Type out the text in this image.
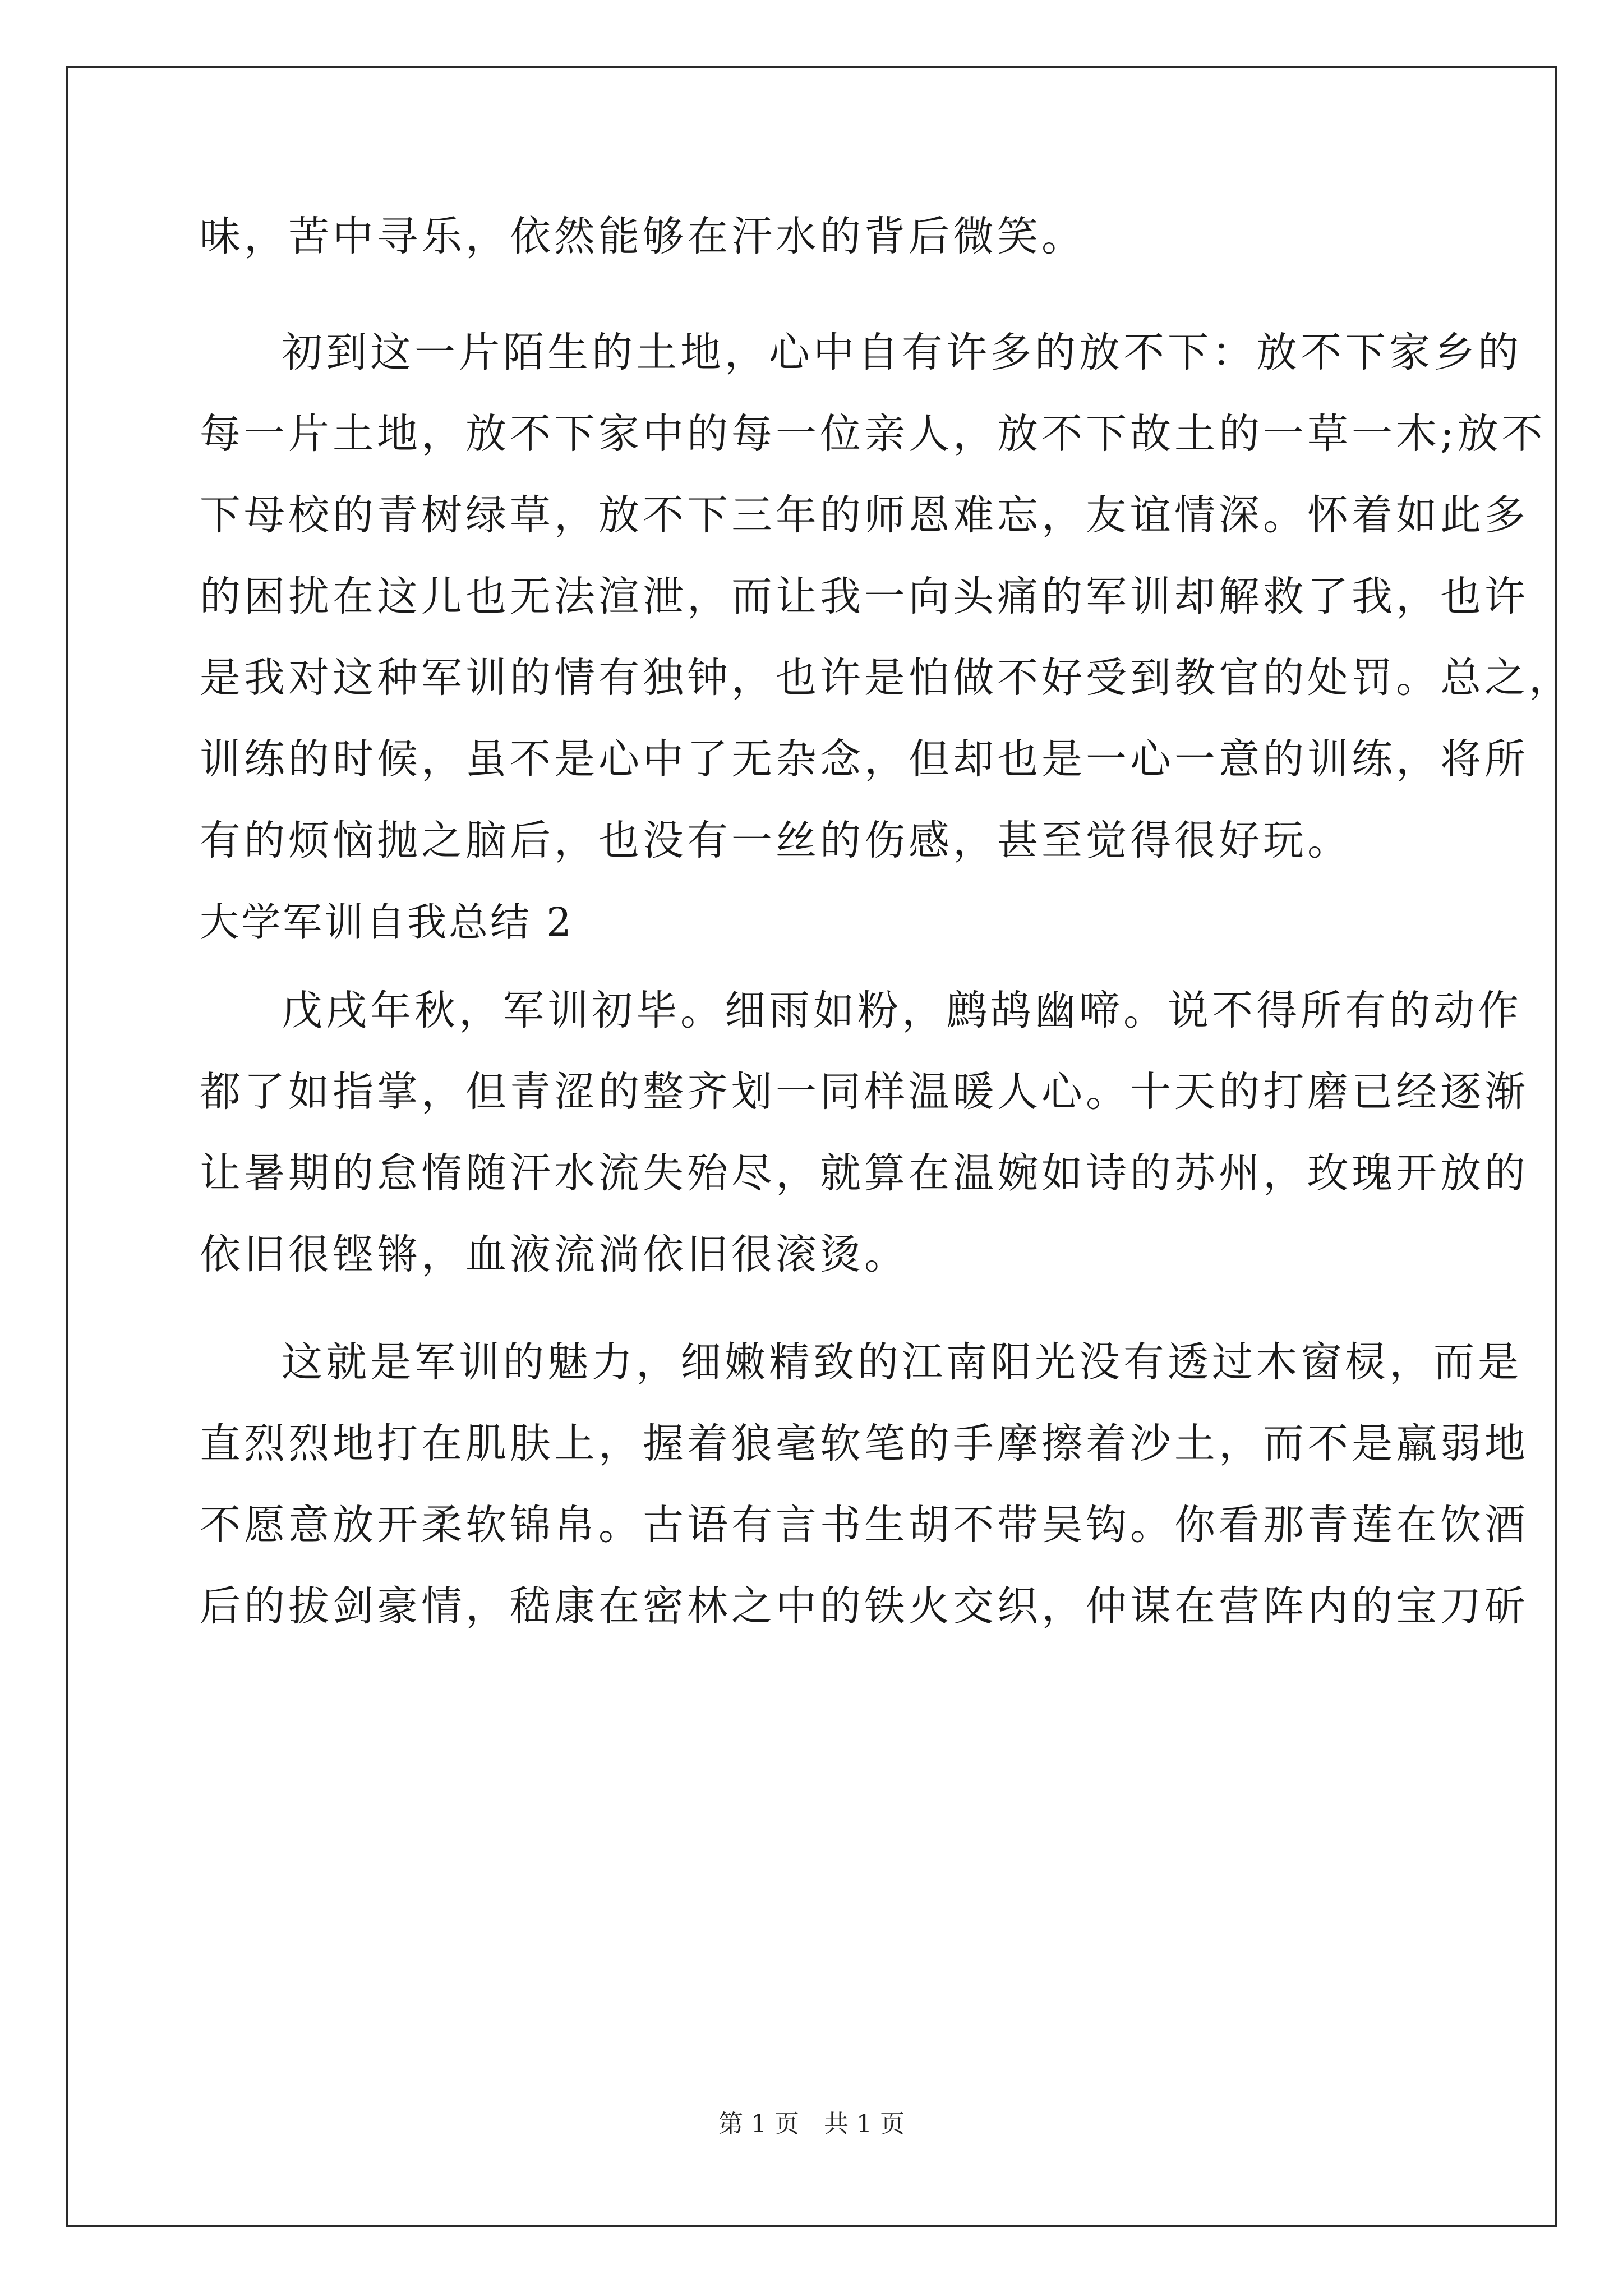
味，苦中寻乐，依然能够在汗水的背后微笑。
初到这一片陌生的土地，心中自有许多的放不下：放不下家乡的
每一片土地，放不下家中的每一位亲人，放不下故土的一草一木;放不
下母校的青树绿草，放不下三年的师恩难忘，友谊情深。怀着如此多
的困扰在这儿也无法渲泄，而让我一向头痛的军训却解救了我，也许
是我对这种军训的情有独钟，也许是怕做不好受到教官的处罚。总之，
训练的时候，虽不是心中了无杂念，但却也是一心一意的训练，将所
有的烦恼抛之脑后，也没有一丝的伤感，甚至觉得很好玩。
大学军训自我总结 2
戊戌年秋，军训初毕。细雨如粉，鹧鸪幽啼。说不得所有的动作
都了如指掌，但青涩的整齐划一同样温暖人心。十天的打磨已经逐渐
让暑期的怠惰随汗水流失殆尽，就算在温婉如诗的苏州，玫瑰开放的
依旧很铿锵，血液流淌依旧很滚烫。
这就是军训的魅力，细嫩精致的江南阳光没有透过木窗棂，而是
直烈烈地打在肌肤上，握着狼毫软笔的手摩擦着沙土，而不是羸弱地
不愿意放开柔软锦帛。古语有言书生胡不带吴钩。你看那青莲在饮酒
后的拔剑豪情，嵇康在密林之中的铁火交织，仲谋在营阵内的宝刀斫
第 1 页　共 1 页
